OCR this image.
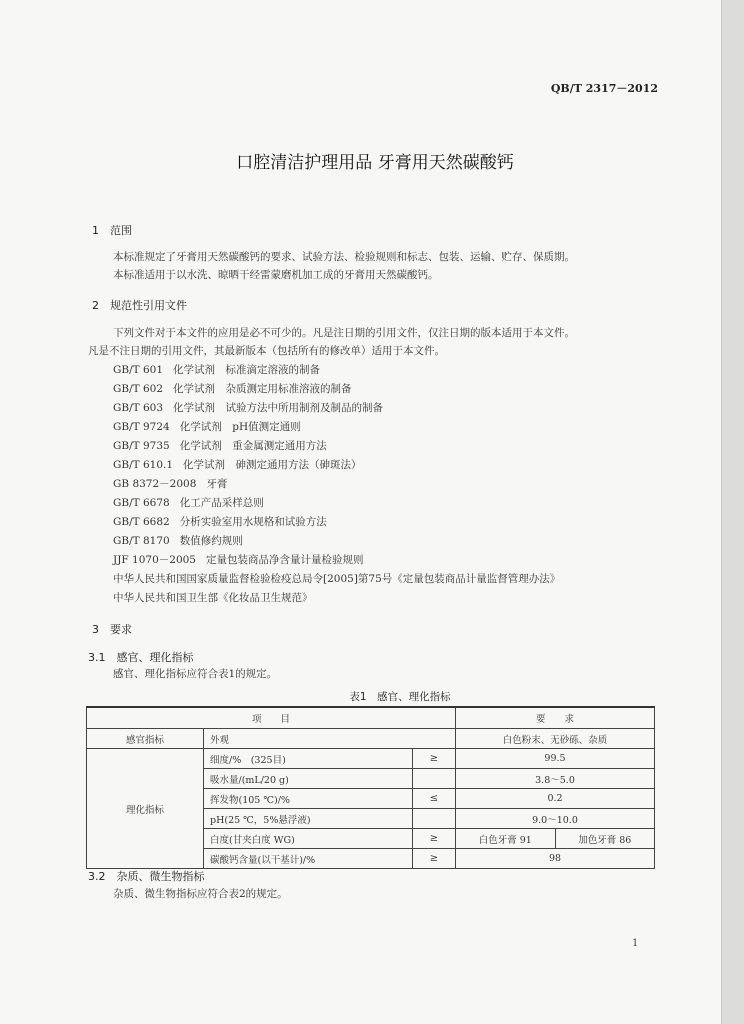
QB/T 2317－2012
口腔清洁护理用品 牙膏用天然碳酸钙
1　范围
本标准规定了牙膏用天然碳酸钙的要求、试验方法、检验规则和标志、包装、运输、贮存、保质期。
本标准适用于以水洗、晾晒干经雷蒙磨机加工成的牙膏用天然碳酸钙。
2　规范性引用文件
下列文件对于本文件的应用是必不可少的。凡是注日期的引用文件，仅注日期的版本适用于本文件。
凡是不注日期的引用文件，其最新版本（包括所有的修改单）适用于本文件。
GB/T 601 化学试剂　标准滴定溶液的制备
GB/T 602 化学试剂　杂质测定用标准溶液的制备
GB/T 603 化学试剂　试验方法中所用制剂及制品的制备
GB/T 9724 化学试剂　pH值测定通则
GB/T 9735 化学试剂　重金属测定通用方法
GB/T 610.1 化学试剂　砷测定通用方法（砷斑法）
GB 8372－2008 牙膏
GB/T 6678 化工产品采样总则
GB/T 6682 分析实验室用水规格和试验方法
GB/T 8170 数值修约规则
JJF 1070－2005 定量包装商品净含量计量检验规则
中华人民共和国国家质量监督检验检疫总局令[2005]第75号《定量包装商品计量监督管理办法》
中华人民共和国卫生部《化妆品卫生规范》
3　要求
3.1　感官、理化指标
感官、理化指标应符合表1的规定。
表1　感官、理化指标
项　　目			要　　求	
感官指标	外观		白色粉末、无砂砾、杂质	
理化指标	细度/%　(325目)	≥	99.5	
	吸水量/(mL/20 g)		3.8～5.0	
	挥发物(105 ℃)/%	≤	0.2	
	pH(25 ℃，5%悬浮液)		9.0～10.0	
	白度(甘夹白度 WG)	≥	白色牙膏 91	加色牙膏 86
	碳酸钙含量(以干基计)/%	≥	98	
3.2　杂质、微生物指标
杂质、微生物指标应符合表2的规定。
1
